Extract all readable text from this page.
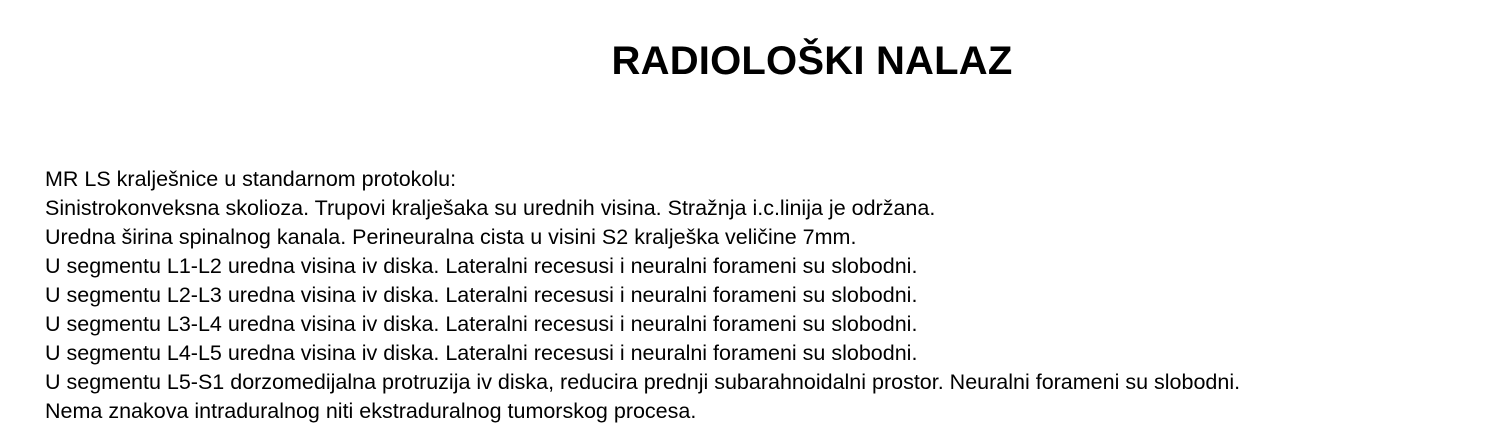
RADIOLOŠKI NALAZ
MR LS kralješnice u standarnom protokolu:
Sinistrokonveksna skolioza. Trupovi kralješaka su urednih visina. Stražnja i.c.linija je održana.
Uredna širina spinalnog kanala. Perineuralna cista u visini S2 kralješka veličine 7mm.
U segmentu L1-L2 uredna visina iv diska. Lateralni recesusi i neuralni forameni su slobodni.
U segmentu L2-L3 uredna visina iv diska. Lateralni recesusi i neuralni forameni su slobodni.
U segmentu L3-L4 uredna visina iv diska. Lateralni recesusi i neuralni forameni su slobodni.
U segmentu L4-L5 uredna visina iv diska. Lateralni recesusi i neuralni forameni su slobodni.
U segmentu L5-S1 dorzomedijalna protruzija iv diska, reducira prednji subarahnoidalni prostor. Neuralni foramenі su slobodni.
Nema znakova intraduralnog niti ekstraduralnog tumorskog procesa.
